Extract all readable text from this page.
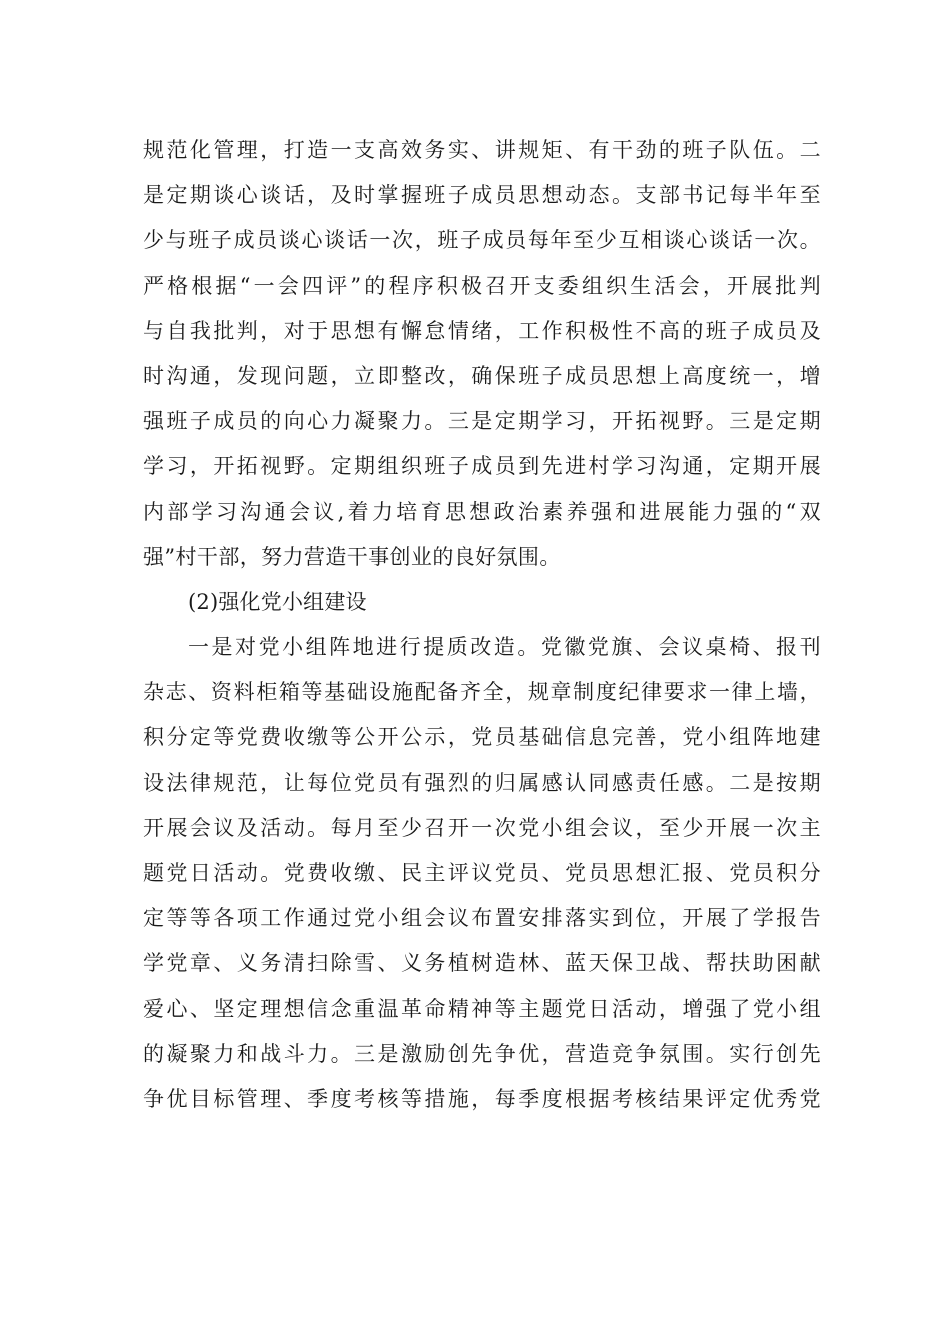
规范化管理，打造一支高效务实、讲规矩、有干劲的班子队伍。二
是定期谈心谈话，及时掌握班子成员思想动态。支部书记每半年至
少与班子成员谈心谈话一次，班子成员每年至少互相谈心谈话一次。
严格根据“一会四评”的程序积极召开支委组织生活会，开展批判
与自我批判，对于思想有懈怠情绪，工作积极性不高的班子成员及
时沟通，发现问题，立即整改，确保班子成员思想上高度统一，增
强班子成员的向心力凝聚力。三是定期学习，开拓视野。三是定期
学习，开拓视野。定期组织班子成员到先进村学习沟通，定期开展
内部学习沟通会议,着力培育思想政治素养强和进展能力强的“双
强”村干部，努力营造干事创业的良好氛围。
(2)强化党小组建设
一是对党小组阵地进行提质改造。党徽党旗、会议桌椅、报刊
杂志、资料柜箱等基础设施配备齐全，规章制度纪律要求一律上墙，
积分定等党费收缴等公开公示，党员基础信息完善，党小组阵地建
设法律规范，让每位党员有强烈的归属感认同感责任感。二是按期
开展会议及活动。每月至少召开一次党小组会议，至少开展一次主
题党日活动。党费收缴、民主评议党员、党员思想汇报、党员积分
定等等各项工作通过党小组会议布置安排落实到位，开展了学报告
学党章、义务清扫除雪、义务植树造林、蓝天保卫战、帮扶助困献
爱心、坚定理想信念重温革命精神等主题党日活动，增强了党小组
的凝聚力和战斗力。三是激励创先争优，营造竞争氛围。实行创先
争优目标管理、季度考核等措施，每季度根据考核结果评定优秀党
